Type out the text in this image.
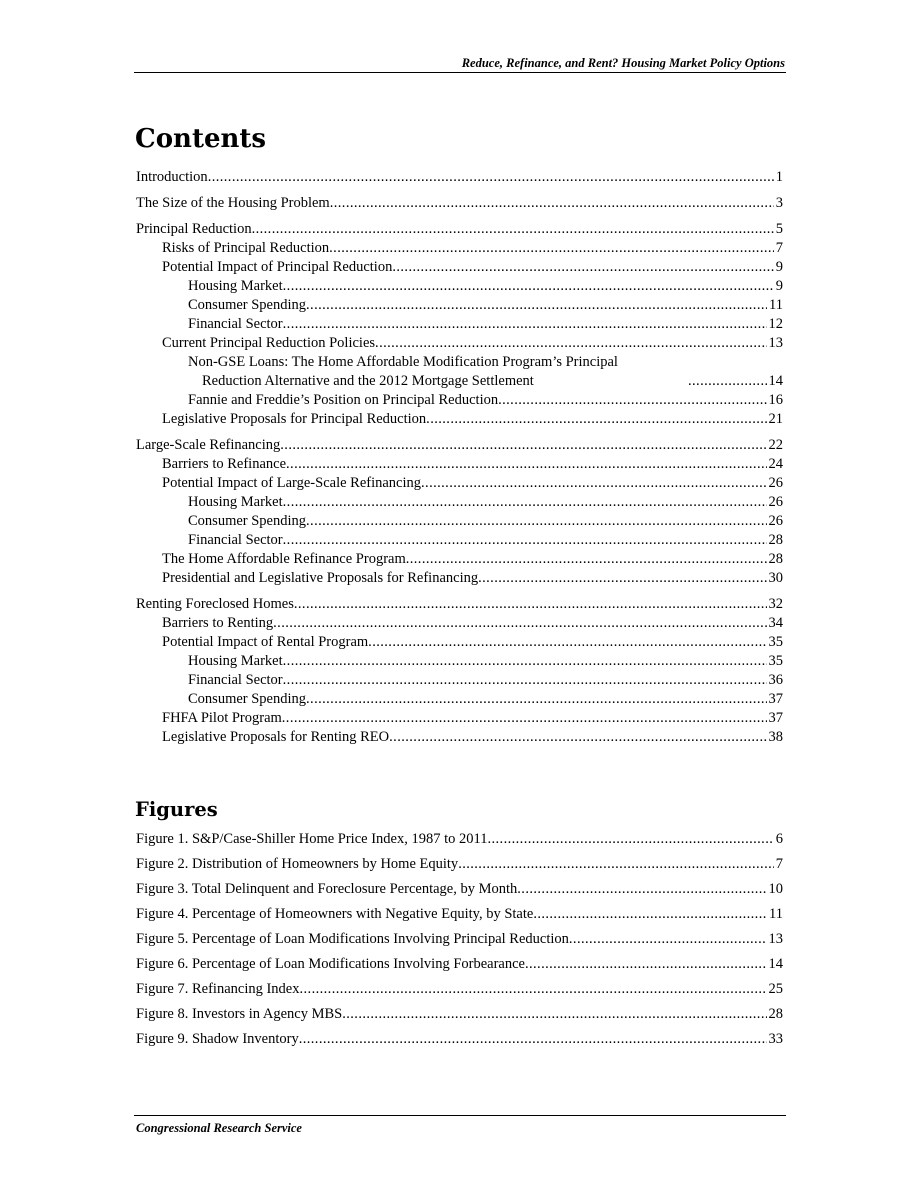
Reduce, Refinance, and Rent? Housing Market Policy Options
Contents
Introduction .....	1
The Size of the Housing Problem .....	3
Principal Reduction .....	5
Risks of Principal Reduction .....	7
Potential Impact of Principal Reduction .....	9
Housing Market .....	9
Consumer Spending .....	11
Financial Sector .....	12
Current Principal Reduction Policies .....	13
Non-GSE Loans: The Home Affordable Modification Program’s Principal
Reduction Alternative and the 2012 Mortgage Settlement .....	14
Fannie and Freddie’s Position on Principal Reduction .....	16
Legislative Proposals for Principal Reduction .....	21
Large-Scale Refinancing .....	22
Barriers to Refinance .....	24
Potential Impact of Large-Scale Refinancing .....	26
Housing Market .....	26
Consumer Spending .....	26
Financial Sector .....	28
The Home Affordable Refinance Program .....	28
Presidential and Legislative Proposals for Refinancing .....	30
Renting Foreclosed Homes .....	32
Barriers to Renting .....	34
Potential Impact of Rental Program .....	35
Housing Market .....	35
Financial Sector .....	36
Consumer Spending .....	37
FHFA Pilot Program .....	37
Legislative Proposals for Renting REO .....	38
Figures
Figure 1. S&P/Case-Shiller Home Price Index, 1987 to 2011 .....	6
Figure 2. Distribution of Homeowners by Home Equity .....	7
Figure 3. Total Delinquent and Foreclosure Percentage, by Month .....	10
Figure 4. Percentage of Homeowners with Negative Equity, by State .....	11
Figure 5. Percentage of Loan Modifications Involving Principal Reduction .....	13
Figure 6. Percentage of Loan Modifications Involving Forbearance .....	14
Figure 7. Refinancing Index .....	25
Figure 8. Investors in Agency MBS .....	28
Figure 9. Shadow Inventory .....	33
Congressional Research Service
